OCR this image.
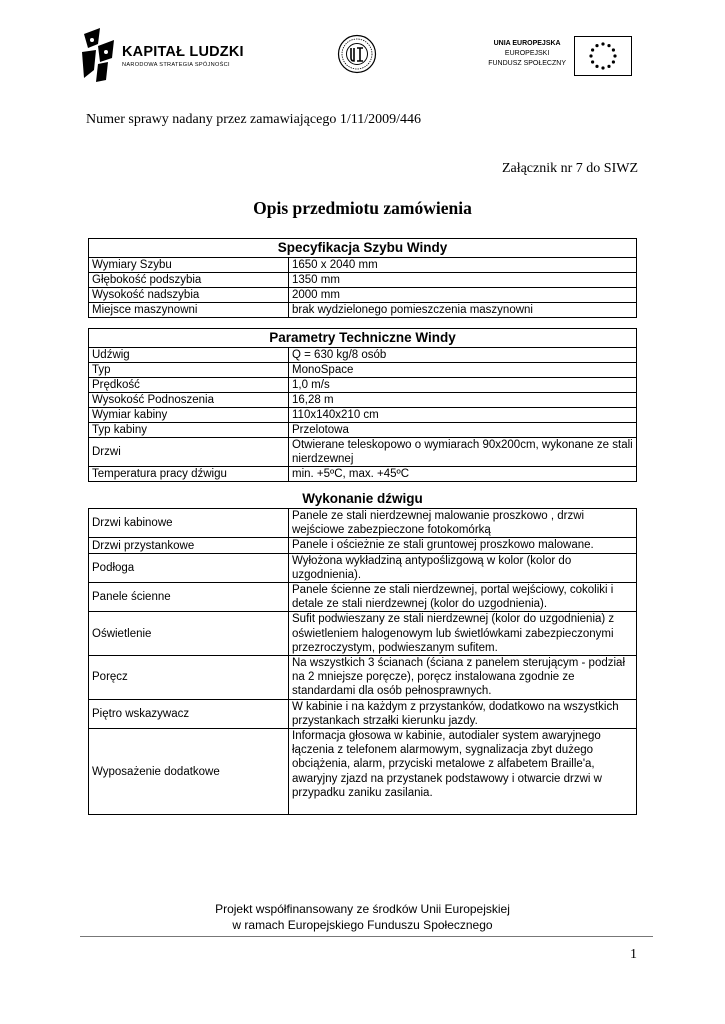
KAPITAŁ LUDZKI
NARODOWA STRATEGIA SPÓJNOŚCI
UNIA EUROPEJSKA
EUROPEJSKI
FUNDUSZ SPOŁECZNY
Numer sprawy nadany przez zamawiającego 1/11/2009/446
Załącznik nr 7 do SIWZ
Opis przedmiotu zamówienia
Specyfikacja Szybu Windy	
Wymiary Szybu	1650 x 2040 mm
Głębokość podszybia	1350 mm
Wysokość nadszybia	2000 mm
Miejsce maszynowni	brak wydzielonego pomieszczenia maszynowni
Parametry Techniczne Windy	
Udźwig	Q = 630 kg/8 osób
Typ	MonoSpace
Prędkość	1,0 m/s
Wysokość Podnoszenia	16,28 m
Wymiar kabiny	110x140x210 cm
Typ kabiny	Przelotowa
Drzwi	Otwierane teleskopowo o wymiarach 90x200cm, wykonane ze stali nierdzewnej
Temperatura pracy dźwigu	min. +5ºC, max. +45ºC
Wykonanie dźwigu
Drzwi kabinowe	Panele ze stali nierdzewnej malowanie proszkowo , drzwi wejściowe zabezpieczone fotokomórką
Drzwi przystankowe	Panele i ościeżnie ze stali gruntowej proszkowo malowane.
Podłoga	Wyłożona wykładziną antypoślizgową w kolor (kolor do uzgodnienia).
Panele ścienne	Panele ścienne ze stali nierdzewnej, portal wejściowy, cokoliki i detale ze stali nierdzewnej (kolor do uzgodnienia).
Oświetlenie	Sufit podwieszany ze stali nierdzewnej (kolor do uzgodnienia) z oświetleniem halogenowym lub świetlówkami zabezpieczonymi przezroczystym, podwieszanym sufitem.
Poręcz	Na wszystkich 3 ścianach (ściana z panelem sterującym - podział na 2 mniejsze poręcze), poręcz instalowana zgodnie ze standardami dla osób pełnosprawnych.
Piętro wskazywacz	W kabinie i na każdym z przystanków, dodatkowo na wszystkich przystankach strzałki kierunku jazdy.
Wyposażenie dodatkowe	Informacja głosowa w kabinie, autodialer system awaryjnego łączenia z telefonem alarmowym, sygnalizacja zbyt dużego obciążenia, alarm, przyciski metalowe z alfabetem Braille'a, awaryjny zjazd na przystanek podstawowy i otwarcie drzwi w przypadku zaniku zasilania.
Projekt współfinansowany ze środków Unii Europejskiej
w ramach Europejskiego Funduszu Społecznego
1
